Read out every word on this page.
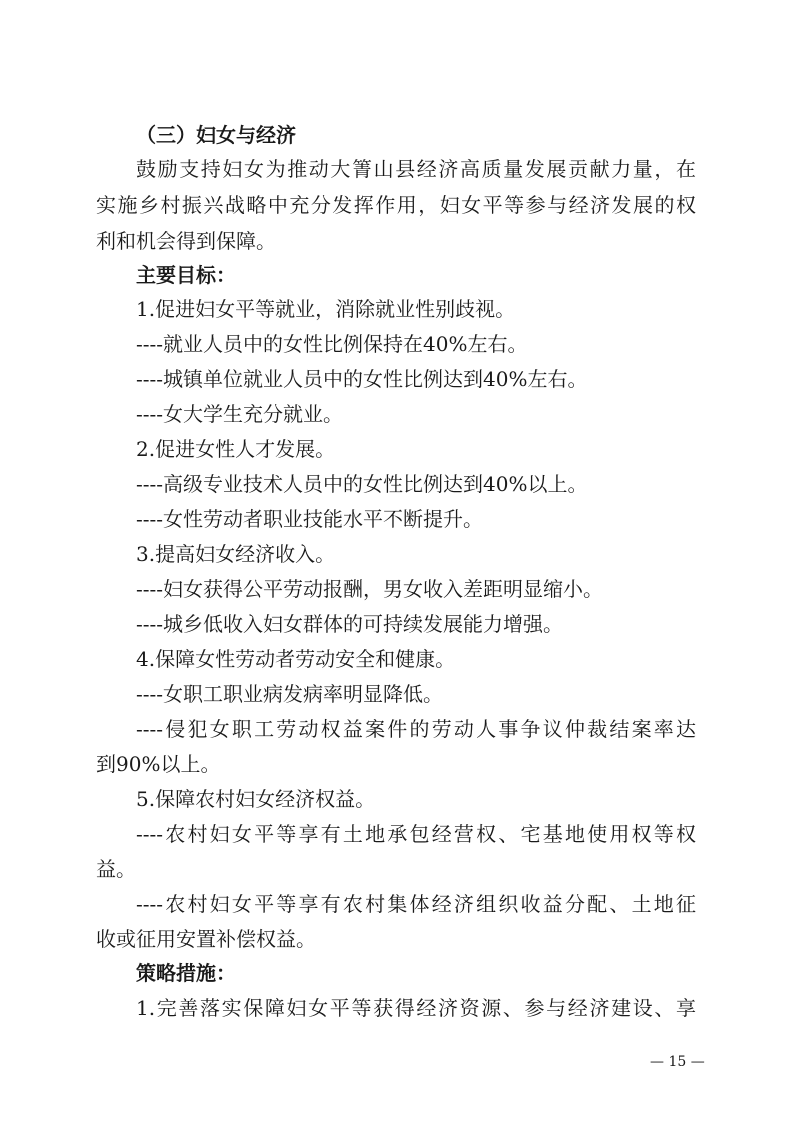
（三）妇女与经济
鼓励支持妇女为推动大箐山县经济高质量发展贡献力量，在
实施乡村振兴战略中充分发挥作用，妇女平等参与经济发展的权
利和机会得到保障。
主要目标：
1.促进妇女平等就业，消除就业性别歧视。
----就业人员中的女性比例保持在40%左右。
----城镇单位就业人员中的女性比例达到40%左右。
----女大学生充分就业。
2.促进女性人才发展。
----高级专业技术人员中的女性比例达到40%以上。
----女性劳动者职业技能水平不断提升。
3.提高妇女经济收入。
----妇女获得公平劳动报酬，男女收入差距明显缩小。
----城乡低收入妇女群体的可持续发展能力增强。
4.保障女性劳动者劳动安全和健康。
----女职工职业病发病率明显降低。
----侵犯女职工劳动权益案件的劳动人事争议仲裁结案率达
到90%以上。
5.保障农村妇女经济权益。
----农村妇女平等享有土地承包经营权、宅基地使用权等权
益。
----农村妇女平等享有农村集体经济组织收益分配、土地征
收或征用安置补偿权益。
策略措施：
1.完善落实保障妇女平等获得经济资源、参与经济建设、享
— 15 —
